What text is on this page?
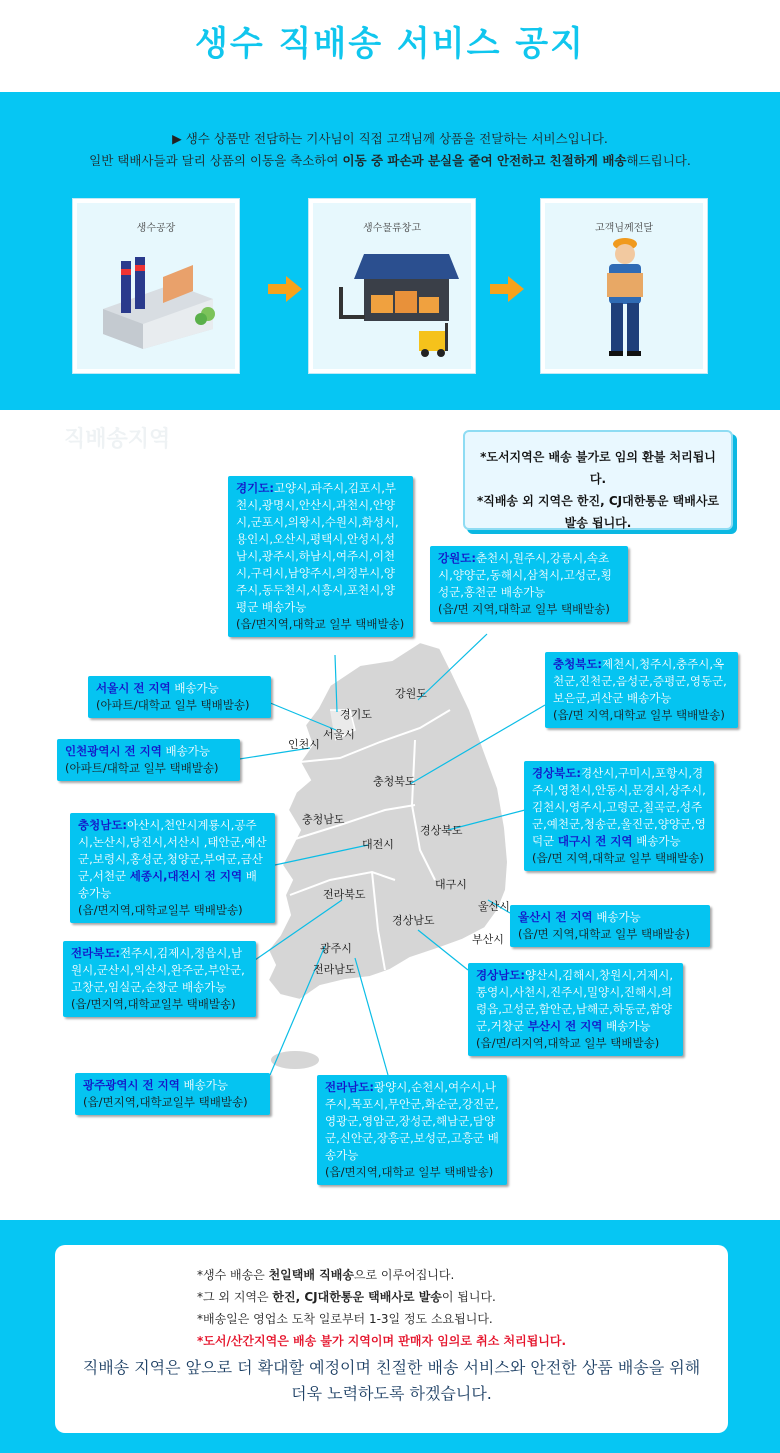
생수 직배송 서비스 공지
▶ 생수 상품만 전담하는 기사님이 직접 고객님께 상품을 전달하는 서비스입니다.
일반 택배사들과 달리 상품의 이동을 축소하여 이동 중 파손과 분실을 줄여 안전하고 친절하게 배송해드립니다.
생수공장	생수물류창고	고객님께전달
직배송지역
강원도
경기도
서울시
인천시
충청북도
충청남도
대전시
경상북도
대구시
울산시
전라북도
경상남도
부산시
광주시
전라남도
*도서지역은 배송 불가로 임의 환불 처리됩니다.
*직배송 외 지역은 한진, CJ대한통운 택배사로 발송 됩니다.
경기도:고양시,파주시,김포시,부천시,광명시,안산시,과천시,안양시,군포시,의왕시,수원시,화성시,용인시,오산시,평택시,안성시,성남시,광주시,하남시,여주시,이천시,구리시,남양주시,의정부시,양주시,동두천시,시흥시,포천시,양평군 배송가능
(읍/면지역,대학교 일부 택배발송)
강원도:춘천시,원주시,강릉시,속초시,양양군,동해시,삼척시,고성군,횡성군,홍천군 배송가능
(읍/면 지역,대학교 일부 택배발송)
서울시 전 지역 배송가능
(아파트/대학교 일부 택배발송)
인천광역시 전 지역 배송가능
(아파트/대학교 일부 택배발송)
충청북도:제천시,청주시,충주시,옥천군,진천군,음성군,증평군,영동군,보은군,괴산군 배송가능
(읍/면 지역,대학교 일부 택배발송)
경상북도:경산시,구미시,포항시,경주시,영천시,안동시,문경시,상주시,김천시,영주시,고령군,칠곡군,성주군,예천군,청송군,울진군,양양군,영덕군 대구시 전 지역 배송가능
(읍/면 지역,대학교 일부 택배발송)
충청남도:아산시,천안시계룡시,공주시,논산시,당진시,서산시 ,태안군,예산군,보령시,홍성군,청양군,부여군,금산군,서천군 세종시,대전시 전 지역 배송가능
(읍/면지역,대학교일부 택배발송)	울산시 전 지역 배송가능
(읍/면 지역,대학교 일부 택배발송)
전라북도:전주시,김제시,정읍시,남원시,군산시,익산시,완주군,부안군,고창군,임실군,순창군 배송가능
(읍/면지역,대학교일부 택배발송)
경상남도:양산시,김해시,창원시,거제시,통영시,사천시,진주시,밀양시,진해시,의령읍,고성군,함안군,남해군,하동군,함양군,거창군 부산시 전 지역 배송가능
(읍/면/리지역,대학교 일부 택배발송)
광주광역시 전 지역 배송가능
(읍/면지역,대학교일부 택배발송)
전라남도:광양시,순천시,여수시,나주시,목포시,무안군,화순군,강진군,영광군,영암군,장성군,해남군,담양군,신안군,장흥군,보성군,고흥군 배송가능
(읍/면지역,대학교 일부 택배발송)
*생수 배송은 천일택배 직배송으로 이루어집니다.
*그 외 지역은 한진, CJ대한통운 택배사로 발송이 됩니다.
*배송일은 영업소 도착 일로부터 1-3일 정도 소요됩니다.
*도서/산간지역은 배송 불가 지역이며 판매자 임의로 취소 처리됩니다.
직배송 지역은 앞으로 더 확대할 예정이며 친절한 배송 서비스와 안전한 상품 배송을 위해
더욱 노력하도록 하겠습니다.
